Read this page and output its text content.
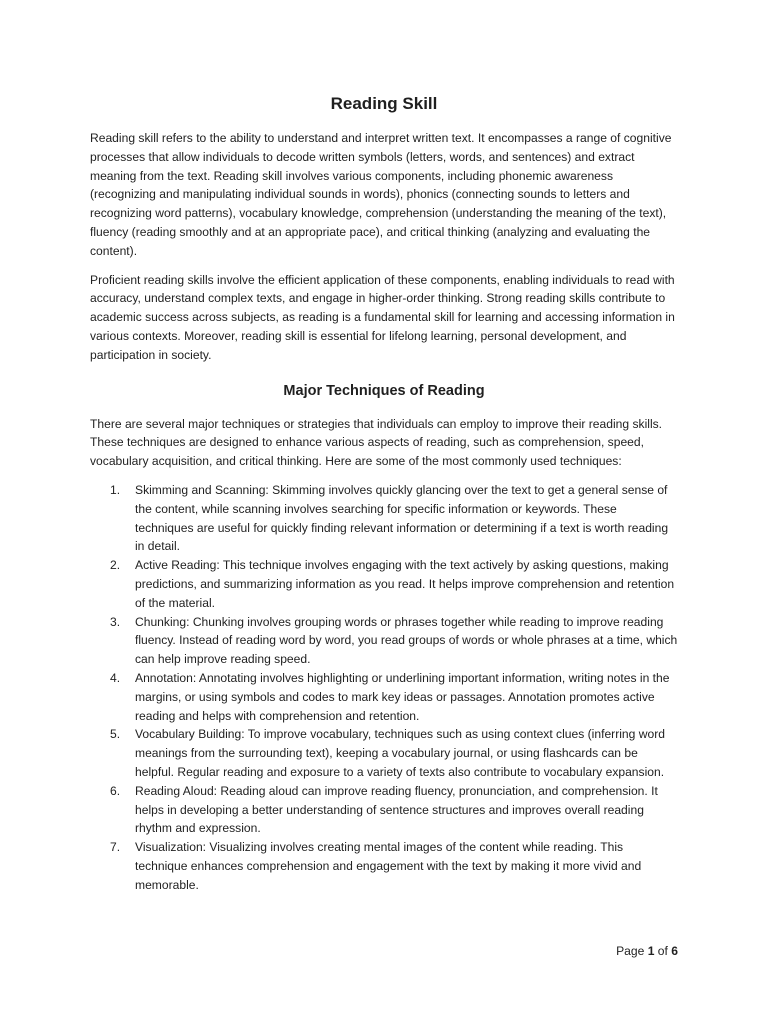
Reading Skill

Reading skill refers to the ability to understand and interpret written text. It encompasses a range of cognitive processes that allow individuals to decode written symbols (letters, words, and sentences) and extract meaning from the text. Reading skill involves various components, including phonemic awareness (recognizing and manipulating individual sounds in words), phonics (connecting sounds to letters and recognizing word patterns), vocabulary knowledge, comprehension (understanding the meaning of the text), fluency (reading smoothly and at an appropriate pace), and critical thinking (analyzing and evaluating the content).

Proficient reading skills involve the efficient application of these components, enabling individuals to read with accuracy, understand complex texts, and engage in higher-order thinking. Strong reading skills contribute to academic success across subjects, as reading is a fundamental skill for learning and accessing information in various contexts. Moreover, reading skill is essential for lifelong learning, personal development, and participation in society.

Major Techniques of Reading

There are several major techniques or strategies that individuals can employ to improve their reading skills. These techniques are designed to enhance various aspects of reading, such as comprehension, speed, vocabulary acquisition, and critical thinking. Here are some of the most commonly used techniques:

1. Skimming and Scanning: Skimming involves quickly glancing over the text to get a general sense of the content, while scanning involves searching for specific information or keywords. These techniques are useful for quickly finding relevant information or determining if a text is worth reading in detail.
2. Active Reading: This technique involves engaging with the text actively by asking questions, making predictions, and summarizing information as you read. It helps improve comprehension and retention of the material.
3. Chunking: Chunking involves grouping words or phrases together while reading to improve reading fluency. Instead of reading word by word, you read groups of words or whole phrases at a time, which can help improve reading speed.
4. Annotation: Annotating involves highlighting or underlining important information, writing notes in the margins, or using symbols and codes to mark key ideas or passages. Annotation promotes active reading and helps with comprehension and retention.
5. Vocabulary Building: To improve vocabulary, techniques such as using context clues (inferring word meanings from the surrounding text), keeping a vocabulary journal, or using flashcards can be helpful. Regular reading and exposure to a variety of texts also contribute to vocabulary expansion.
6. Reading Aloud: Reading aloud can improve reading fluency, pronunciation, and comprehension. It helps in developing a better understanding of sentence structures and improves overall reading rhythm and expression.
7. Visualization: Visualizing involves creating mental images of the content while reading. This technique enhances comprehension and engagement with the text by making it more vivid and memorable.
Page 1 of 6
